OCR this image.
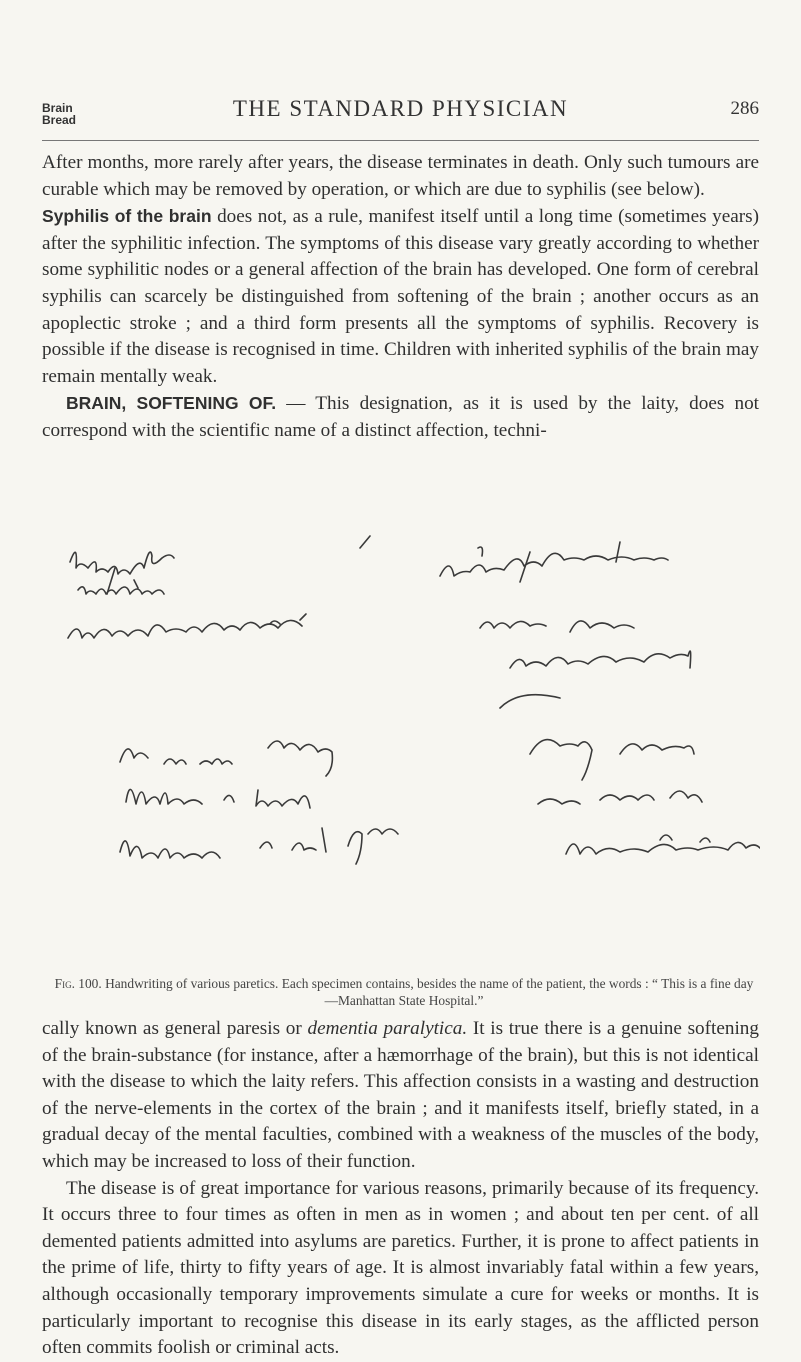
Brain
Bread	THE STANDARD PHYSICIAN	286

After months, more rarely after years, the disease terminates in death. Only such tumours are curable which may be removed by operation, or which are due to syphilis (see below).

Syphilis of the brain does not, as a rule, manifest itself until a long time (sometimes years) after the syphilitic infection. The symptoms of this disease vary greatly according to whether some syphilitic nodes or a general affection of the brain has developed. One form of cerebral syphilis can scarcely be distinguished from softening of the brain ; another occurs as an apoplectic stroke ; and a third form presents all the symptoms of syphilis. Recovery is possible if the disease is recognised in time. Children with inherited syphilis of the brain may remain mentally weak.

BRAIN, SOFTENING OF. — This designation, as it is used by the laity, does not correspond with the scientific name of a distinct affection, techni-

Fig. 100. Handwriting of various paretics. Each specimen contains, besides the name of the patient, the words : “ This is a fine day—Manhattan State Hospital.”

cally known as general paresis or dementia paralytica. It is true there is a genuine softening of the brain-substance (for instance, after a hæmorrhage of the brain), but this is not identical with the disease to which the laity refers. This affection consists in a wasting and destruction of the nerve-elements in the cortex of the brain ; and it manifests itself, briefly stated, in a gradual decay of the mental faculties, combined with a weakness of the muscles of the body, which may be increased to loss of their function.

The disease is of great importance for various reasons, primarily because of its frequency. It occurs three to four times as often in men as in women ; and about ten per cent. of all demented patients admitted into asylums are paretics. Further, it is prone to affect patients in the prime of life, thirty to fifty years of age. It is almost invariably fatal within a few years, although occasionally temporary improvements simulate a cure for weeks or months. It is particularly important to recognise this disease in its early stages, as the afflicted person often commits foolish or criminal acts.
